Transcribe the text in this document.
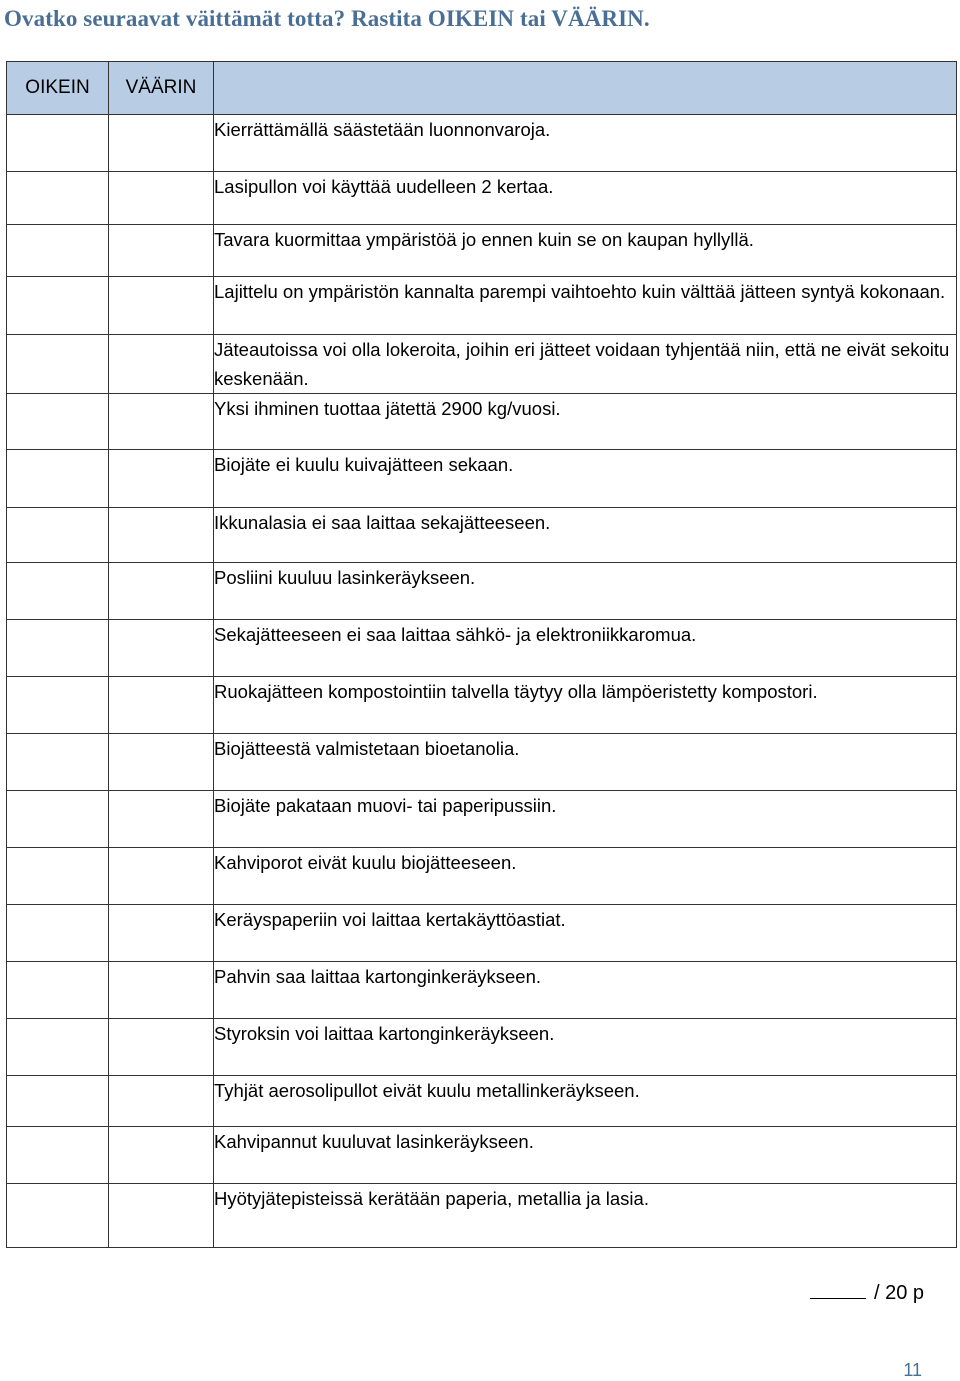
Ovatko seuraavat väittämät totta? Rastita OIKEIN tai VÄÄRIN.
OIKEIN	VÄÄRIN	
		Kierrättämällä säästetään luonnonvaroja.
		Lasipullon voi käyttää uudelleen 2 kertaa.
		Tavara kuormittaa ympäristöä jo ennen kuin se on kaupan hyllyllä.
		Lajittelu on ympäristön kannalta parempi vaihtoehto kuin välttää jätteen syntyä kokonaan.
		Jäteautoissa voi olla lokeroita, joihin eri jätteet voidaan tyhjentää niin, että ne eivät sekoitu keskenään.
		Yksi ihminen tuottaa jätettä 2900 kg/vuosi.
		Biojäte ei kuulu kuivajätteen sekaan.
		Ikkunalasia ei saa laittaa sekajätteeseen.
		Posliini kuuluu lasinkeräykseen.
		Sekajätteeseen ei saa laittaa sähkö- ja elektroniikkaromua.
		Ruokajätteen kompostointiin talvella täytyy olla lämpöeristetty kompostori.
		Biojätteestä valmistetaan bioetanolia.
		Biojäte pakataan muovi- tai paperipussiin.
		Kahviporot eivät kuulu biojätteeseen.
		Keräyspaperiin voi laittaa kertakäyttöastiat.
		Pahvin saa laittaa kartonginkeräykseen.
		Styroksin voi laittaa kartonginkeräykseen.
		Tyhjät aerosolipullot eivät kuulu metallinkeräykseen.
		Kahvipannut kuuluvat lasinkeräykseen.
		Hyötyjätepisteissä kerätään paperia, metallia ja lasia.
/ 20 p
11
